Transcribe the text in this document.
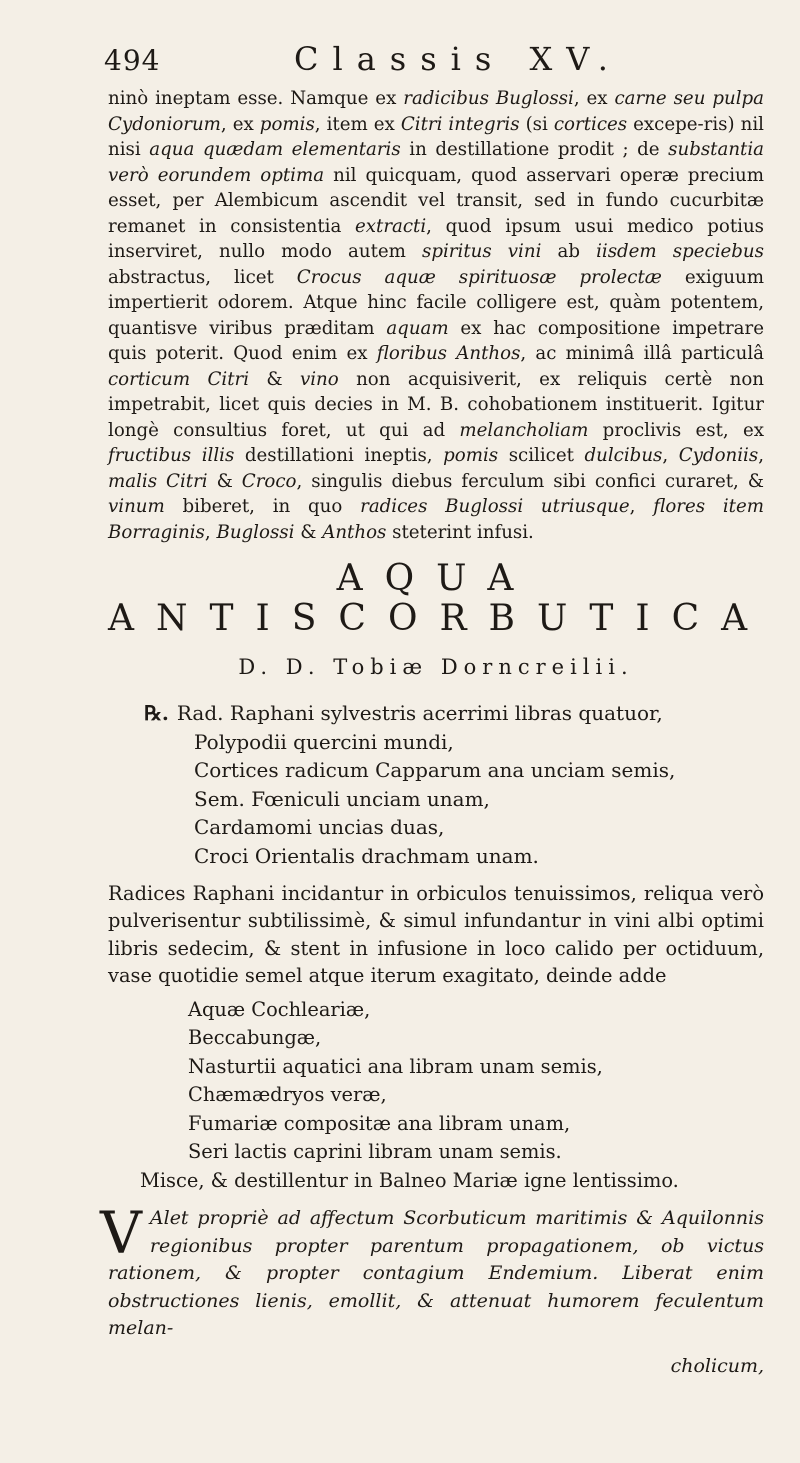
494	Classis XV.

ninò ineptam esse. Namque ex radicibus Buglossi, ex carne seu pulpa Cydoniorum, ex pomis, item ex Citri integris (si cortices excepe-ris) nil nisi aqua quædam elementaris in destillatione prodit ; de substantia verò eorundem optima nil quicquam, quod asservari operæ precium esset, per Alembicum ascendit vel transit, sed in fundo cucurbitæ remanet in consistentia extracti, quod ipsum usui medico potius inserviret, nullo modo autem spiritus vini ab iisdem speciebus abstractus, licet Crocus aquæ spirituosæ prolectæ exiguum impertierit odorem. Atque hinc facile colligere est, quàm potentem, quantisve viribus præditam aquam ex hac compositione impetrare quis poterit. Quod enim ex floribus Anthos, ac minimâ illâ particulâ corticum Citri & vino non acquisiverit, ex reliquis certè non impetrabit, licet quis decies in M. B. cohobationem instituerit. Igitur longè consultius foret, ut qui ad melancholiam proclivis est, ex fructibus illis destillationi ineptis, pomis scilicet dulcibus, Cydoniis, malis Citri & Croco, singulis diebus ferculum sibi confici curaret, & vinum biberet, in quo radices Buglossi utriusque, flores item Borraginis, Buglossi & Anthos steterint infusi.

AQUA ANTISCORBUTICA
D. D. Tobiæ Dorncreilii.
℞. Rad. Raphani sylvestris acerrimi libras quatuor,
Polypodii quercini mundi,
Cortices radicum Capparum ana unciam semis,
Sem. Fœniculi unciam unam,
Cardamomi uncias duas,
Croci Orientalis drachmam unam.

Radices Raphani incidantur in orbiculos tenuissimos, reliqua verò pulverisentur subtilissimè, & simul infundantur in vini albi optimi libris sedecim, & stent in infusione in loco calido per octiduum, vase quotidie semel atque iterum exagitato, deinde adde

Aquæ Cochleariæ,
Beccabungæ,
Nasturtii aquatici ana libram unam semis,
Chæmædryos veræ,
Fumariæ compositæ ana libram unam,
Seri lactis caprini libram unam semis.
Misce, & destillentur in Balneo Mariæ igne lentissimo.

V Alet propriè ad affectum Scorbuticum maritimis & Aquilonnis regionibus propter parentum propagationem, ob victus rationem, & propter contagium Endemium. Liberat enim obstructiones lienis, emollit, & attenuat humorem feculentum melan-

cholicum,
